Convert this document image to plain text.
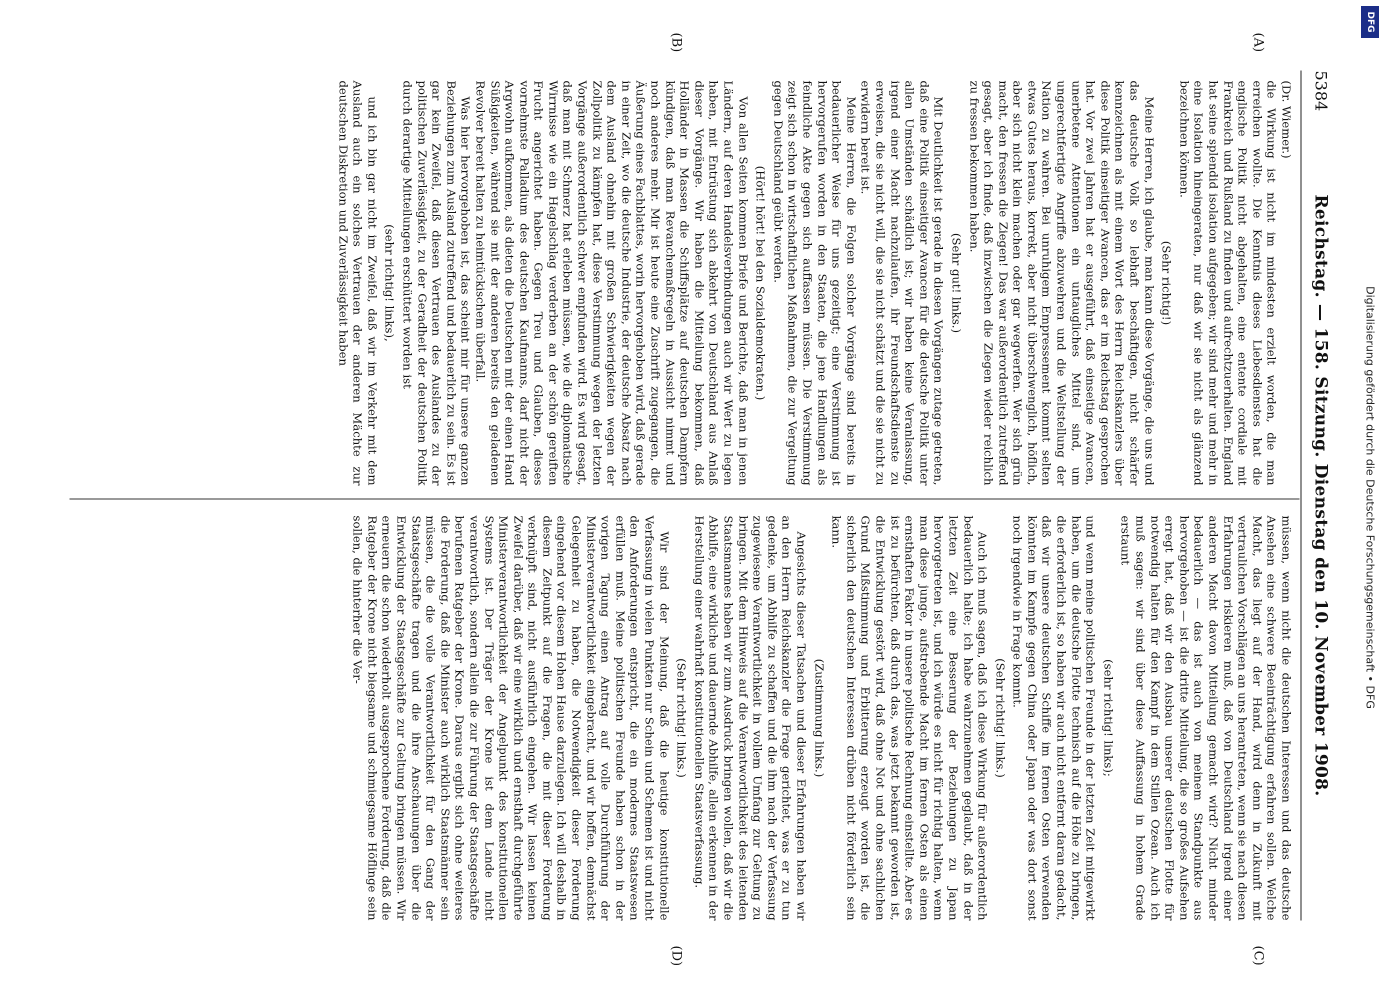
5384
Reichstag. — 158. Sitzung. Dienstag den 10. November 1908.
(A)
(B)
(C)
(D)

(Dr. Wiemer.)

die Wirkung ist nicht im mindesten erzielt worden, die man erreichen wollte. Die Kenntnis dieses Liebesdienstes hat die englische Politik nicht abgehalten, eine entente cordiale mit Frankreich und Rußland zu finden und aufrechtzuerhalten. England hat seine splendid isolation aufgegeben; wir sind mehr und mehr in eine Isolation hineingeraten, nur daß wir sie nicht als glänzend bezeichnen können.

(Sehr richtig!)

Meine Herren, ich glaube, man kann diese Vorgänge, die uns und das deutsche Volk so lebhaft beschäftigen, nicht schärfer kennzeichnen als mit einem Wort des Herrn Reichskanzlers über diese Politik einseitiger Avancen, das er im Reichstag gesprochen hat. Vor zwei Jahren hat er ausgeführt, daß einseitige Avancen, unerbetene Attentionen ein untaugliches Mittel sind, um ungerechtfertigte Angriffe abzuwehren und die Weltstellung der Nation zu wahren. Bei unruhigem Empressement kommt selten etwas Gutes heraus, korrekt, aber nicht überschwenglich, höflich, aber sich nicht klein machen oder gar wegwerfen. Wer sich grün macht, den fressen die Ziegen! Das war außerordentlich zutreffend gesagt, aber ich finde, daß inzwischen die Ziegen wieder reichlich zu fressen bekommen haben.

(Sehr gut! links.)

Mit Deutlichkeit ist gerade in diesen Vorgängen zutage getreten, daß eine Politik einseitiger Avancen für die deutsche Politik unter allen Umständen schädlich ist; wir haben keine Veranlassung, irgend einer Macht nachzulaufen, ihr Freundschaftsdienste zu erweisen, die sie nicht will, die sie nicht schätzt und die sie nicht zu erwidern bereit ist.

Meine Herren, die Folgen solcher Vorgänge sind bereits in bedauerlicher Weise für uns gezeitigt; eine Verstimmung ist hervorgerufen worden in den Staaten, die jene Handlungen als feindliche Akte gegen sich auffassen müssen. Die Verstimmung zeigt sich schon in wirtschaftlichen Maßnahmen, die zur Vergeltung gegen Deutschland geübt werden.

(Hört! hört! bei den Sozialdemokraten.)

Von allen Seiten kommen Briefe und Berichte, daß man in jenen Ländern, auf deren Handelsverbindungen auch wir Wert zu legen haben, mit Entrüstung sich abkehrt von Deutschland aus Anlaß dieser Vorgänge. Wir haben die Mitteilung bekommen, daß Holländer in Massen die Schiffsplätze auf deutschen Dampfern kündigen, daß man Revanchemaßregeln in Aussicht nimmt und noch anderes mehr. Mir ist heute eine Zuschrift zugegangen, die Äußerung eines Fachblattes, worin hervorgehoben wird, daß gerade in einer Zeit, wo die deutsche Industrie, der deutsche Absatz nach dem Ausland ohnehin mit großen Schwierigkeiten wegen der Zollpolitik zu kämpfen hat, diese Verstimmung wegen der letzten Vorgänge außerordentlich schwer empfunden wird. Es wird gesagt, daß man mit Schmerz hat erleben müssen, wie die diplomatische Wirrnisse wie ein Hagelschlag verderben an der schön gereiften Frucht angerichtet haben. Gegen Treu und Glauben, dieses vornehmste Palladium des deutschen Kaufmanns, darf nicht der Argwohn aufkommen, als dieten die Deutschen mit der einen Hand Süßigkeiten, während sie mit der anderen bereits den geladenen Revolver bereit halten zu heimtückischem überfall.

Was hier hervorgehoben ist, das scheint mir für unsere ganzen Beziehungen zum Ausland zutreffend und bedauerlich zu sein. Es ist gar kein Zweifel, daß diesen Vertrauen des Auslandes zu der politischen Zuverlässigkeit, zu der Geradheit der deutschen Politik durch derartige Mitteilungen erschüttert worden ist

(sehr richtig! links),

und ich bin gar nicht im Zweifel, daß wir im Verkehr mit dem Ausland auch ein solches Vertrauen der anderen Mächte zur deutschen Diskretion und Zuverlässigkeit haben

müssen, wenn nicht die deutschen Interessen und das deutsche Ansehen eine schwere Beeinträchtigung erfahren sollen. Welche Macht, das liegt auf der Hand, wird denn in Zukunft mit vertraulichen Vorschlägen an uns herantreten, wenn sie nach diesen Erfahrungen riskieren muß, daß von Deutschland irgend einer anderen Macht davon Mitteilung gemacht wird? Nicht minder bedauerlich — das ist auch von meinem Standpunkte aus hervorgehoben — ist die dritte Mitteilung, die so großes Aufsehen erregt hat, daß wir den Ausbau unserer deutschen Flotte für notwendig halten für den Kampf in dem Stillen Ozean. Auch ich muß sagen: wir sind über diese Auffassung in hohem Grade erstaunt

(sehr richtig! links);

und wenn meine politischen Freunde in der letzten Zeit mitgewirkt haben, um die deutsche Flotte technisch auf die Höhe zu bringen, die erforderlich ist, so haben wir auch nicht entfernt daran gedacht, daß wir unsere deutschen Schiffe im fernen Osten verwenden könnten im Kampfe gegen China oder Japan oder was dort sonst noch irgendwie in Frage kommt.

(Sehr richtig! links.)

Auch ich muß sagen, daß ich diese Wirkung für außerordentlich bedauerlich halte; ich habe wahrzunehmen geglaubt, daß in der letzten Zeit eine Besserung der Beziehungen zu Japan hervorgetreten ist, und ich würde es nicht für richtig halten, wenn man diese junge, aufstrebende Macht im fernen Osten als einen ernsthaften Faktor in unsere politische Rechnung einstellte. Aber es ist zu befürchten, daß durch das, was jetzt bekannt geworden ist, die Entwicklung gestört wird, daß ohne Not und ohne sachlichen Grund Mißstimmung und Erbitterung erzeugt worden ist, die sicherlich den deutschen Interessen drüben nicht förderlich sein kann.

(Zustimmung links.)

Angesichts dieser Tatsachen und dieser Erfahrungen haben wir an den Herrn Reichskanzler die Frage gerichtet, was er zu tun gedenke, um Abhilfe zu schaffen und die ihm nach der Verfassung zugewiesene Verantwortlichkeit in vollem Umfang zur Geltung zu bringen. Mit dem Hinweis auf die Verantwortlichkeit des leitenden Staatsmannes haben wir zum Ausdruck bringen wollen, daß wir die Abhilfe, eine wirkliche und dauernde Abhilfe, allein erkennen in der Herstellung einer wahrhaft konstitutionellen Staatsverfassung.

(Sehr richtig! links.)

Wir sind der Meinung, daß die heutige konstitutionelle Verfassung in vielen Punkten nur Schein und Schemen ist und nicht den Anforderungen entspricht, die ein modernes Staatswesen erfüllen muß. Meine politischen Freunde haben schon in der vorigen Tagung einen Antrag auf volle Durchführung der Ministerverantwortlichkeit eingebracht, und wir hoffen, demnächst Gelegenheit zu haben, die Notwendigkeit dieser Forderung eingehend vor diesem Hohen Hause darzulegen. Ich will deshalb in diesem Zeitpunkt auf die Fragen, die mit dieser Forderung verknüpft sind, nicht ausführlich eingehen. Wir lassen keinen Zweifel darüber, daß wir eine wirklich und ernsthaft durchgeführte Ministerverantwortlichkeit der Angelpunkt des konstitutionellen Systems ist. Der Träger der Krone ist dem Lande nicht verantwortlich, sondern allein die zur Führung der Staatsgeschäfte berufenen Ratgeber der Krone. Daraus ergibt sich ohne weiteres die Forderung, daß die Minister auch wirklich Staatsmänner sein müssen, die die volle Verantwortlichkeit für den Gang der Staatsgeschäfte tragen und die ihre Anschauungen über die Entwicklung der Staatsgeschäfte zur Geltung bringen müssen. Wir erneuern die schon wiederholt ausgesprochene Forderung, daß die Ratgeber der Krone nicht biegsame und schmiegsame Höflinge sein sollen, die hinterher die Ver-	Digitalisierung gefördert durch die Deutsche Forschungsgemeinschaft • DFG
DFG
